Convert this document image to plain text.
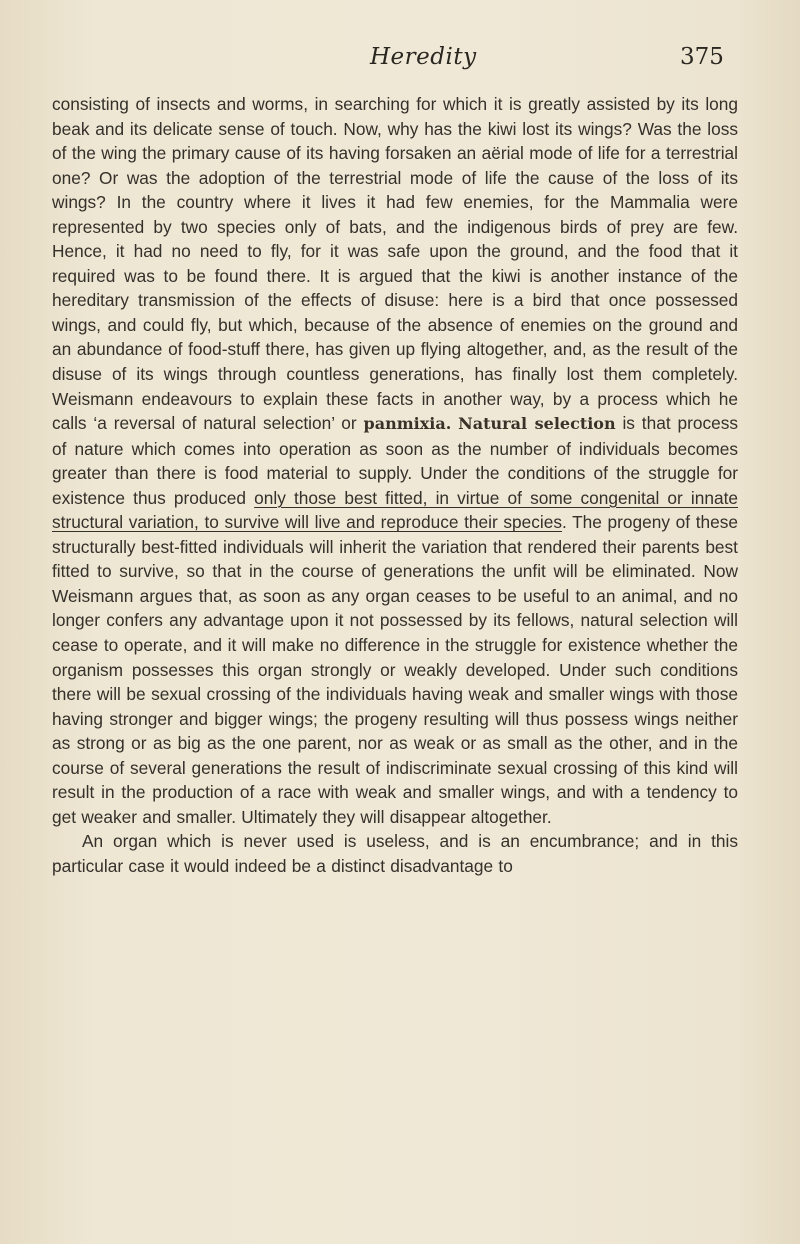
Heredity	375

consisting of insects and worms, in searching for which it is greatly assisted by its long beak and its delicate sense of touch. Now, why has the kiwi lost its wings? Was the loss of the wing the primary cause of its having forsaken an aërial mode of life for a terrestrial one? Or was the adoption of the terrestrial mode of life the cause of the loss of its wings? In the country where it lives it had few enemies, for the Mammalia were represented by two species only of bats, and the indigenous birds of prey are few. Hence, it had no need to fly, for it was safe upon the ground, and the food that it required was to be found there. It is argued that the kiwi is another instance of the hereditary transmission of the effects of disuse: here is a bird that once possessed wings, and could fly, but which, because of the absence of enemies on the ground and an abundance of food-stuff there, has given up flying altogether, and, as the result of the disuse of its wings through countless generations, has finally lost them completely. Weismann endeavours to explain these facts in another way, by a process which he calls ‘a reversal of natural selection’ or panmixia. Natural selection is that process of nature which comes into operation as soon as the number of individuals becomes greater than there is food material to supply. Under the conditions of the struggle for existence thus produced only those best fitted, in virtue of some congenital or innate structural variation, to survive will live and reproduce their species. The progeny of these structurally best-fitted individuals will inherit the variation that rendered their parents best fitted to survive, so that in the course of generations the unfit will be eliminated. Now Weismann argues that, as soon as any organ ceases to be useful to an animal, and no longer confers any advantage upon it not possessed by its fellows, natural selection will cease to operate, and it will make no difference in the struggle for existence whether the organism possesses this organ strongly or weakly developed. Under such conditions there will be sexual crossing of the individuals having weak and smaller wings with those having stronger and bigger wings; the progeny resulting will thus possess wings neither as strong or as big as the one parent, nor as weak or as small as the other, and in the course of several generations the result of indiscriminate sexual crossing of this kind will result in the production of a race with weak and smaller wings, and with a tendency to get weaker and smaller. Ultimately they will disappear altogether.

An organ which is never used is useless, and is an encumbrance; and in this particular case it would indeed be a distinct disadvantage to
